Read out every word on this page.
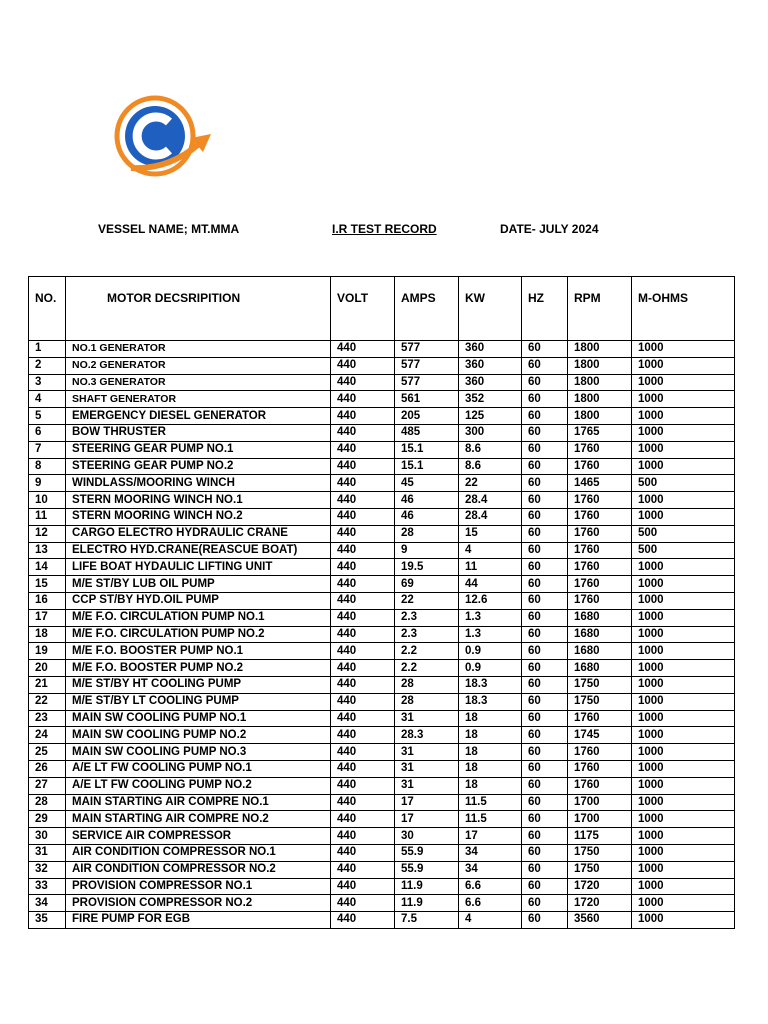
VESSEL NAME; MT.MMA	I.R TEST RECORD	DATE- JULY 2024
NO.	MOTOR DECSRIPITION	VOLT	AMPS	KW	HZ	RPM	M-OHMS
1	NO.1 GENERATOR	440	577	360	60	1800	1000
2	NO.2 GENERATOR	440	577	360	60	1800	1000
3	NO.3 GENERATOR	440	577	360	60	1800	1000
4	SHAFT GENERATOR	440	561	352	60	1800	1000
5	EMERGENCY DIESEL GENERATOR	440	205	125	60	1800	1000
6	BOW THRUSTER	440	485	300	60	1765	1000
7	STEERING GEAR PUMP NO.1	440	15.1	8.6	60	1760	1000
8	STEERING GEAR PUMP NO.2	440	15.1	8.6	60	1760	1000
9	WINDLASS/MOORING WINCH	440	45	22	60	1465	500
10	STERN MOORING WINCH NO.1	440	46	28.4	60	1760	1000
11	STERN MOORING WINCH NO.2	440	46	28.4	60	1760	1000
12	CARGO ELECTRO HYDRAULIC CRANE	440	28	15	60	1760	500
13	ELECTRO HYD.CRANE(REASCUE BOAT)	440	9	4	60	1760	500
14	LIFE BOAT HYDAULIC LIFTING UNIT	440	19.5	11	60	1760	1000
15	M/E ST/BY LUB OIL PUMP	440	69	44	60	1760	1000
16	CCP ST/BY HYD.OIL PUMP	440	22	12.6	60	1760	1000
17	M/E F.O. CIRCULATION PUMP NO.1	440	2.3	1.3	60	1680	1000
18	M/E F.O. CIRCULATION PUMP NO.2	440	2.3	1.3	60	1680	1000
19	M/E F.O. BOOSTER PUMP NO.1	440	2.2	0.9	60	1680	1000
20	M/E F.O. BOOSTER PUMP NO.2	440	2.2	0.9	60	1680	1000
21	M/E ST/BY HT COOLING PUMP	440	28	18.3	60	1750	1000
22	M/E ST/BY LT COOLING PUMP	440	28	18.3	60	1750	1000
23	MAIN SW COOLING PUMP NO.1	440	31	18	60	1760	1000
24	MAIN SW COOLING PUMP NO.2	440	28.3	18	60	1745	1000
25	MAIN SW COOLING PUMP NO.3	440	31	18	60	1760	1000
26	A/E LT FW COOLING PUMP NO.1	440	31	18	60	1760	1000
27	A/E LT FW COOLING PUMP NO.2	440	31	18	60	1760	1000
28	MAIN STARTING AIR COMPRE NO.1	440	17	11.5	60	1700	1000
29	MAIN STARTING AIR COMPRE NO.2	440	17	11.5	60	1700	1000
30	SERVICE AIR COMPRESSOR	440	30	17	60	1175	1000
31	AIR CONDITION COMPRESSOR NO.1	440	55.9	34	60	1750	1000
32	AIR CONDITION COMPRESSOR NO.2	440	55.9	34	60	1750	1000
33	PROVISION COMPRESSOR NO.1	440	11.9	6.6	60	1720	1000
34	PROVISION COMPRESSOR NO.2	440	11.9	6.6	60	1720	1000
35	FIRE PUMP FOR EGB	440	7.5	4	60	3560	1000
